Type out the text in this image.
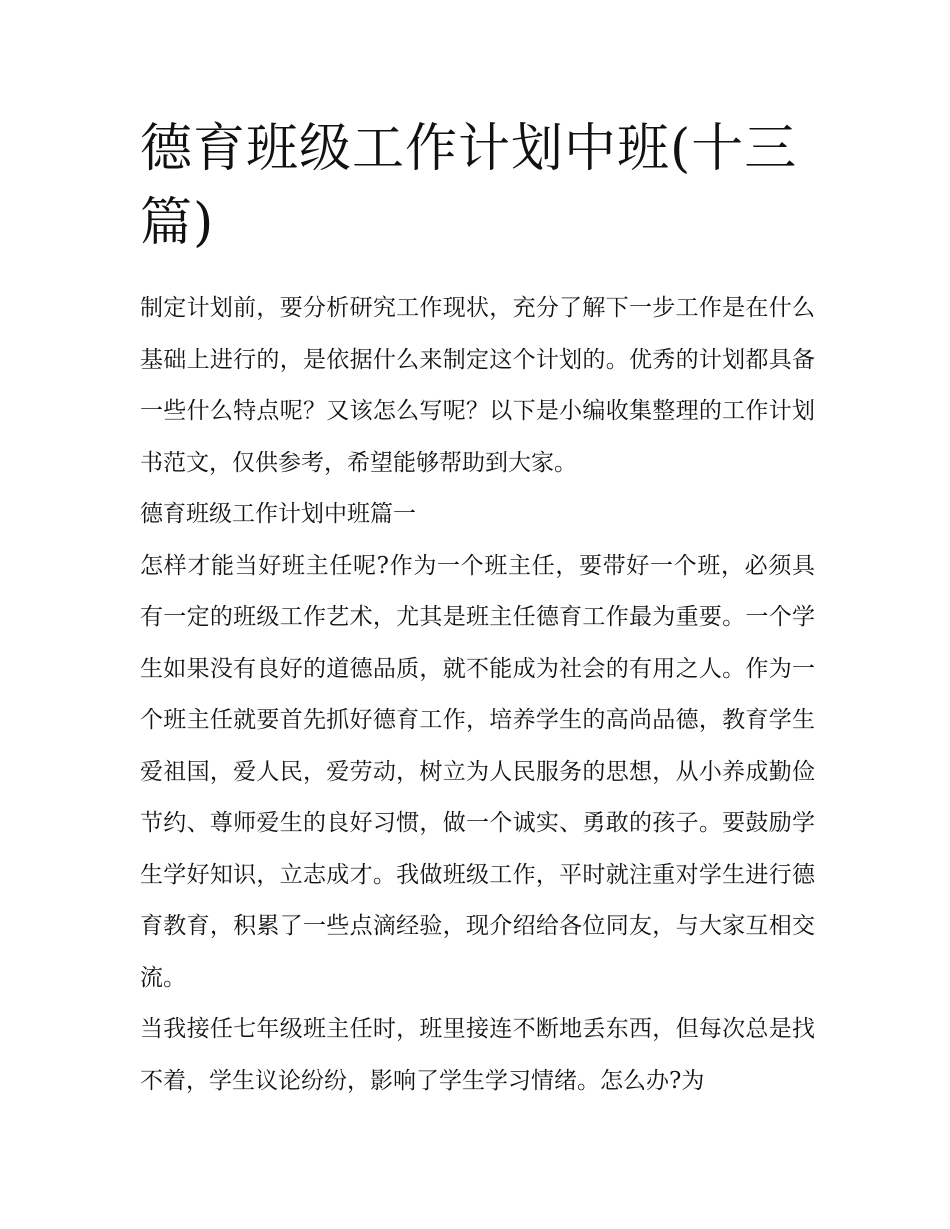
德育班级工作计划中班(十三篇)

制定计划前，要分析研究工作现状，充分了解下一步工作是在什么基础上进行的，是依据什么来制定这个计划的。优秀的计划都具备一些什么特点呢？又该怎么写呢？以下是小编收集整理的工作计划书范文，仅供参考，希望能够帮助到大家。

德育班级工作计划中班篇一

怎样才能当好班主任呢?作为一个班主任，要带好一个班，必须具有一定的班级工作艺术，尤其是班主任德育工作最为重要。一个学生如果没有良好的道德品质，就不能成为社会的有用之人。作为一个班主任就要首先抓好德育工作，培养学生的高尚品德，教育学生爱祖国，爱人民，爱劳动，树立为人民服务的思想，从小养成勤俭节约、尊师爱生的良好习惯，做一个诚实、勇敢的孩子。要鼓励学生学好知识，立志成才。我做班级工作，平时就注重对学生进行德育教育，积累了一些点滴经验，现介绍给各位同友，与大家互相交流。

当我接任七年级班主任时，班里接连不断地丢东西，但每次总是找不着，学生议论纷纷，影响了学生学习情绪。怎么办?为
